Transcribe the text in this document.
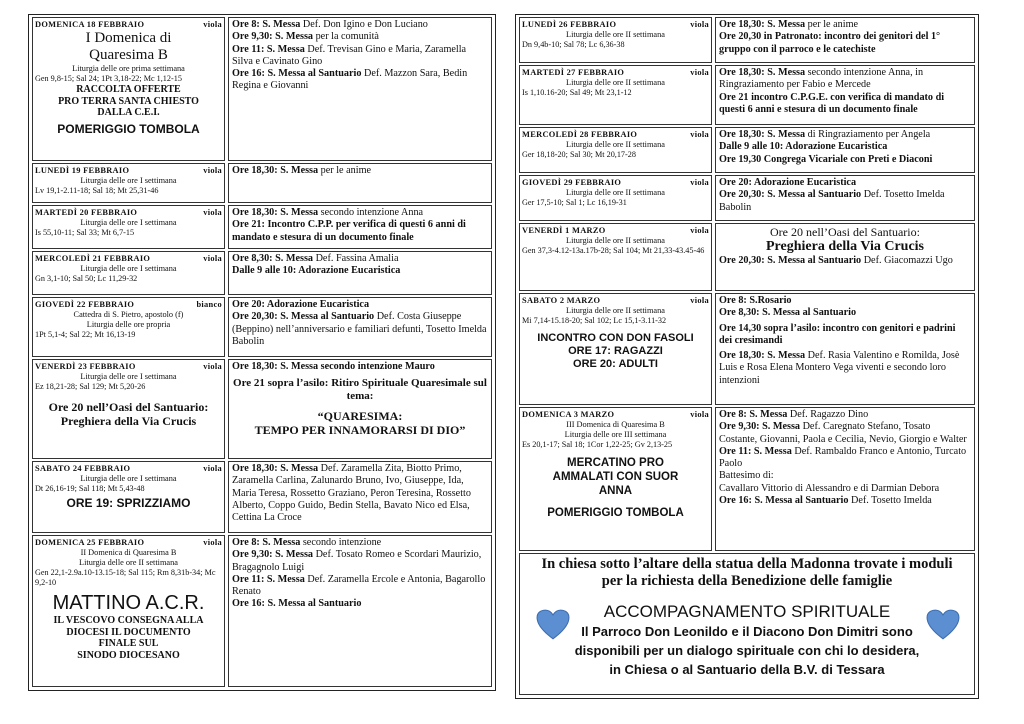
DOMENICA 18 FEBBRAIO	viola
I Domenica di Quaresima B
Liturgia delle ore prima settimana
Gen 9,8-15; Sal 24; 1Pt 3,18-22; Mc 1,12-15
RACCOLTA OFFERTE
PRO TERRA SANTA CHIESTO
DALLA C.E.I.
POMERIGGIO TOMBOLA
Ore 8: S. Messa Def. Don Igino e Don Luciano
Ore 9,30: S. Messa per la comunità
Ore 11: S. Messa Def. Trevisan Gino e Maria, Zaramella Silva e Cavinato Gino
Ore 16: S. Messa al Santuario Def. Mazzon Sara, Bedin Regina e Giovanni
LUNEDÌ 19 FEBBRAIO	viola
Liturgia delle ore I settimana
Lv 19,1-2.11-18; Sal 18; Mt 25,31-46
Ore 18,30: S. Messa per le anime
MARTEDÌ 20 FEBBRAIO	viola
Liturgia delle ore I settimana
Is 55,10-11; Sal 33; Mt 6,7-15
Ore 18,30: S. Messa secondo intenzione Anna
Ore 21: Incontro C.P.P. per verifica di questi 6 anni di mandato e stesura di un documento finale
MERCOLEDÌ 21 FEBBRAIO	viola
Liturgia delle ore I settimana
Gn 3,1-10; Sal 50; Lc 11,29-32
Ore 8,30: S. Messa Def. Fassina Amalia
Dalle 9 alle 10: Adorazione Eucaristica
GIOVEDÌ 22 FEBBRAIO	bianco
Cattedra di S. Pietro, apostolo (f)
Liturgia delle ore propria
1Pt 5,1-4; Sal 22; Mt 16,13-19
Ore 20: Adorazione Eucaristica
Ore 20,30: S. Messa al Santuario Def. Costa Giuseppe (Beppino) nell’anniversario e familiari defunti, Tosetto Imelda Babolin
VENERDÌ 23 FEBBRAIO	viola
Liturgia delle ore I settimana
Ez 18,21-28; Sal 129; Mt 5,20-26
Ore 20 nell’Oasi del Santuario:
Preghiera della Via Crucis
Ore 18,30: S. Messa secondo intenzione Mauro
Ore 21 sopra l’asilo: Ritiro Spirituale Quaresimale sul tema:
“QUARESIMA:
TEMPO PER INNAMORARSI DI DIO”
SABATO 24 FEBBRAIO	viola
Liturgia delle ore I settimana
Dt 26,16-19; Sal 118; Mt 5,43-48
ORE 19: SPRIZZIAMO
Ore 18,30: S. Messa Def. Zaramella Zita, Biotto Primo, Zaramella Carlina, Zalunardo Bruno, Ivo, Giuseppe, Ida, Maria Teresa, Rossetto Graziano, Peron Teresina, Rossetto Alberto, Coppo Guido, Bedin Stella, Bavato Nico ed Elsa, Cettina La Croce
DOMENICA 25 FEBBRAIO	viola
II Domenica di Quaresima B
Liturgia delle ore II settimana
Gen 22,1-2.9a.10-13.15-18; Sal 115; Rm 8,31b-34; Mc 9,2-10
MATTINO A.C.R.
IL VESCOVO CONSEGNA ALLA
DIOCESI IL DOCUMENTO
FINALE SUL
SINODO DIOCESANO
Ore 8: S. Messa secondo intenzione
Ore 9,30: S. Messa Def. Tosato Romeo e Scordari Maurizio, Bragagnolo Luigi
Ore 11: S. Messa Def. Zaramella Ercole e Antonia, Bagarollo Renato
Ore 16: S. Messa al Santuario
LUNEDÌ 26 FEBBRAIO	viola
Liturgia delle ore II settimana
Dn 9,4b-10; Sal 78; Lc 6,36-38
Ore 18,30: S. Messa per le anime
Ore 20,30 in Patronato: incontro dei genitori del 1° gruppo con il parroco e le catechiste
MARTEDÌ 27 FEBBRAIO	viola
Liturgia delle ore II settimana
Is 1,10.16-20; Sal 49; Mt 23,1-12
Ore 18,30: S. Messa secondo intenzione Anna, in Ringraziamento per Fabio e Mercede
Ore 21 incontro C.P.G.E. con verifica di mandato di questi 6 anni e stesura di un documento finale
MERCOLEDÌ 28 FEBBRAIO	viola
Liturgia delle ore II settimana
Ger 18,18-20; Sal 30; Mt 20,17-28
Ore 18,30: S. Messa di Ringraziamento per Angela
Dalle 9 alle 10: Adorazione Eucaristica
Ore 19,30 Congrega Vicariale con Preti e Diaconi
GIOVEDÌ 29 FEBBRAIO	viola
Liturgia delle ore II settimana
Ger 17,5-10; Sal 1; Lc 16,19-31
Ore 20: Adorazione Eucaristica
Ore 20,30: S. Messa al Santuario Def. Tosetto Imelda Babolin
VENERDÌ 1 MARZO	viola
Liturgia delle ore II settimana
Gen 37,3-4.12-13a.17b-28; Sal 104; Mt 21,33-43.45-46
Ore 20 nell’Oasi del Santuario:
Preghiera della Via Crucis
Ore 20,30: S. Messa al Santuario Def. Giacomazzi Ugo
SABATO 2 MARZO	viola
Liturgia delle ore II settimana
Mi 7,14-15.18-20; Sal 102; Lc 15,1-3.11-32
INCONTRO CON DON FASOLI
ORE 17: RAGAZZI
ORE 20: ADULTI
Ore 8: S.Rosario
Ore 8,30: S. Messa al Santuario
Ore 14,30 sopra l’asilo: incontro con genitori e padrini dei cresimandi
Ore 18,30: S. Messa Def. Rasia Valentino e Romilda, Josè Luis e Rosa Elena Montero Vega viventi e secondo loro intenzioni
DOMENICA 3 MARZO	viola
III Domenica di Quaresima B
Liturgia delle ore III settimana
Es 20,1-17; Sal 18; 1Cor 1,22-25; Gv 2,13-25
MERCATINO PRO
AMMALATI CON SUOR
ANNA
POMERIGGIO TOMBOLA
Ore 8: S. Messa Def. Ragazzo Dino
Ore 9,30: S. Messa Def. Caregnato Stefano, Tosato Costante, Giovanni, Paola e Cecilia, Nevio, Giorgio e Walter
Ore 11: S. Messa Def. Rambaldo Franco e Antonio, Turcato Paolo
Battesimo di:
Cavallaro Vittorio di Alessandro e di Darmian Debora
Ore 16: S. Messa al Santuario Def. Tosetto Imelda
In chiesa sotto l’altare della statua della Madonna trovate i moduli per la richiesta della Benedizione delle famiglie
ACCOMPAGNAMENTO SPIRITUALE
Il Parroco Don Leonildo e il Diacono Don Dimitri sono
disponibili per un dialogo spirituale con chi lo desidera,
in Chiesa o al Santuario della B.V. di Tessara
